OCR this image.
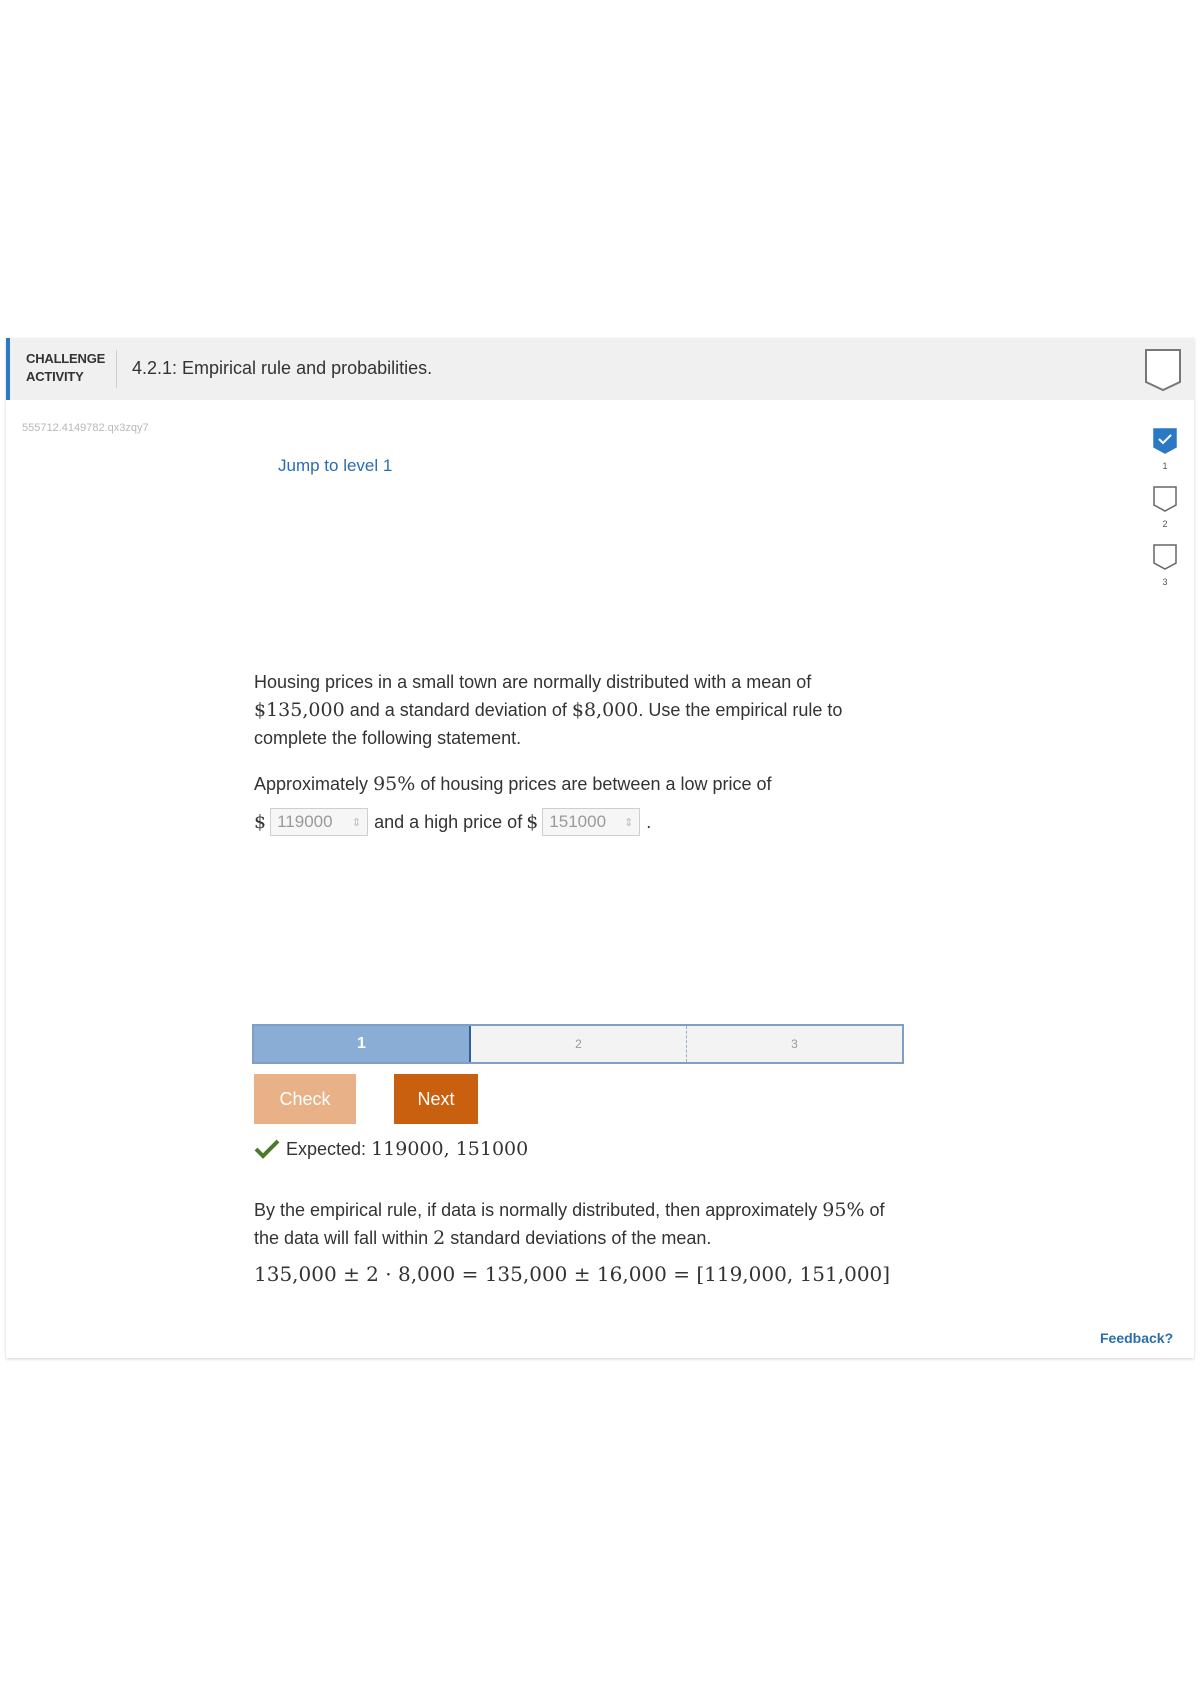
CHALLENGE
ACTIVITY	4.2.1: Empirical rule and probabilities.
555712.4149782.qx3zqy7
Jump to level 1	1
2
3
Housing prices in a small town are normally distributed with a mean of $135,000 and a standard deviation of $8,000. Use the empirical rule to complete the following statement.
Approximately 95% of housing prices are between a low price of
$ 119000 ⇕ and a high price of $ 151000 ⇕ .
1	2	3
Check	Next
Expected:
119000, 151000
By the empirical rule, if data is normally distributed, then approximately 95% of the data will fall within 2 standard deviations of the mean.
135,000 ± 2 · 8,000 = 135,000 ± 16,000 = [119,000, 151,000]
Feedback?
